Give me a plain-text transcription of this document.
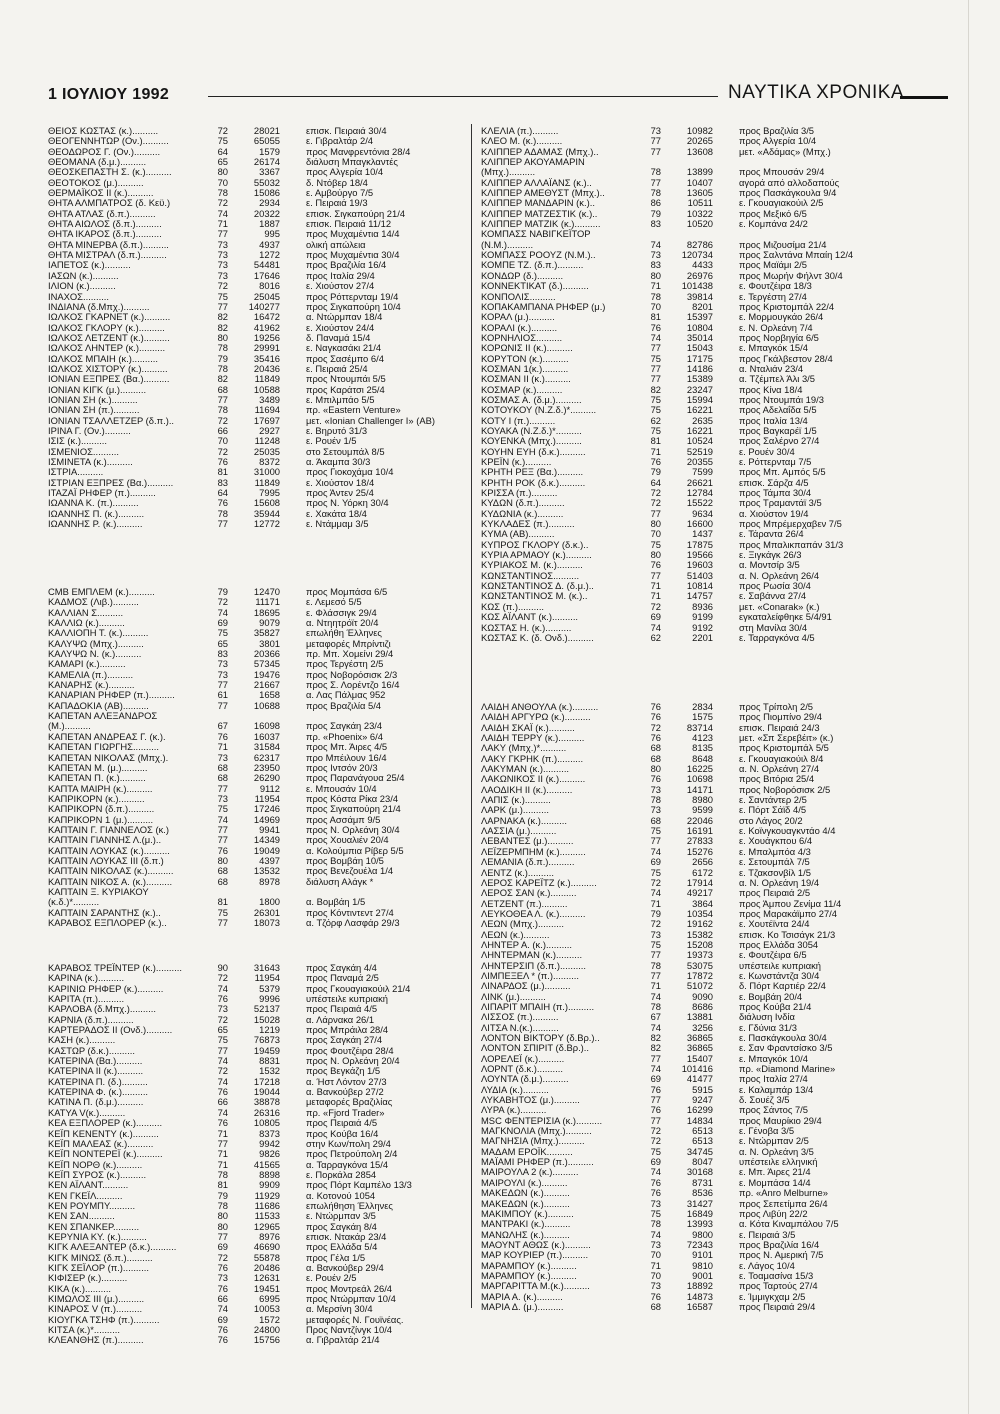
1 ΙΟΥΛΙΟΥ 1992	ΝΑΥΤΙΚΑ ΧΡΟΝΙΚΑ
ΘΕΙΟΣ ΚΩΣΤΑΣ (κ.)..........	72	28021	επισκ. Πειραιά 30/4
ΘΕΟΓΕΝΝΗΤΩΡ (Ον.)..........	75	65055	ε. Γιβραλτάρ 2/4
ΘΕΟΔΩΡΟΣ Γ. (Ον.)..........	64	1579	προς Μανφρεντόνια 28/4
ΘΕΟΜΑΝΑ (δ.μ.)..........	65	26174	διάλυση Μπαγκλαντές
ΘΕΟΣΚΕΠΑΣΤΗ Σ. (κ.)..........	80	3367	προς Αλγερία 10/4
ΘΕΟΤΟΚΟΣ (μ.)..........	70	55032	δ. Ντόβερ 18/4
ΘΕΡΜΑΪΚΟΣ ΙΙ (κ.)..........	78	15086	ε. Αμβούργο 7/5
ΘΗΤΑ ΑΛΜΠΑΤΡΟΣ (δ. Κεϋ.)	72	2934	ε. Πειραιά 19/3
ΘΗΤΑ ΑΤΛΑΣ (δ.π.)..........	74	20322	επισκ. Σιγκαπούρη 21/4
ΘΗΤΑ ΑΙΩΛΟΣ (δ.π.)..........	71	1887	επισκ. Πειραιά 11/12
ΘΗΤΑ ΙΚΑΡΟΣ (δ.π.)..........	77	995	προς Μυχαμέντια 14/4
ΘΗΤΑ ΜΙΝΕΡΒΑ (δ.π.)..........	73	4937	ολική απώλεια
ΘΗΤΑ ΜΙΣΤΡΑΛ (δ.π.)..........	73	1272	προς Μυχαμέντια 30/4
ΙΑΠΕΤΟΣ (κ.)..........	73	54481	προς Βραζιλία 16/4
ΙΑΣΩΝ (κ.)..........	73	17646	προς Ιταλία 29/4
ΙΛΙΟΝ (κ.)..........	72	8016	ε. Χιούστον 27/4
ΙΝΑΧΟΣ..........	75	25045	προς Ρόττερνταμ 19/4
ΙΝΔΙΑΝΑ (δ.Μπχ.)..........	77	140277	προς Σιγκαπούρη 10/4
ΙΩΛΚΟΣ ΓΚΑΡΝΕΤ (κ.)..........	82	16472	α. Ντώρμπαν 18/4
ΙΩΛΚΟΣ ΓΚΛΟΡΥ (κ.)..........	82	41962	ε. Χιούστον 24/4
ΙΩΛΚΟΣ ΛΕΤΖΕΝΤ (κ.)..........	80	19256	δ. Παναμά 15/4
ΙΩΛΚΟΣ ΛΗΝΤΕΡ (κ.)..........	78	29991	ε. Ναγκασάκι 21/4
ΙΩΛΚΟΣ ΜΠΑΙΗ (κ.)..........	79	35416	προς Σασέμπο 6/4
ΙΩΛΚΟΣ ΧΙΣΤΟΡΥ (κ.)..........	78	20436	ε. Πειραιά 25/4
ΙΟΝΙΑΝ ΕΞΠΡΕΣ (Βα.)..........	82	11849	προς Ντουμπάι 5/5
ΙΟΝΙΑΝ ΚΙΓΚ (μ.)..........	68	10588	προς Καράτσι 25/4
ΙΟΝΙΑΝ ΣΗ (κ.)..........	77	3489	ε. Μπιλμπάο 5/5
ΙΟΝΙΑΝ ΣΗ (π.)..........	78	11694	πρ. «Eastern Venture»
ΙΟΝΙΑΝ ΤΣΑΛΛΕΤΖΕΡ (δ.π.)..	72	17697	μετ. «Ionian Challenger I» (ΑΒ)
ΙΡΙΝΑ Γ. (Ον.)..........	66	2927	ε. Βηρυτό 31/3
ΙΣΙΣ (κ.)..........	70	11248	ε. Ρουέν 1/5
ΙΣΜΕΝΙΟΣ..........	72	25035	στο Σετουμπάλ 8/5
ΙΣΜΙΝΕΤΑ (κ.)..........	76	8372	α. Άκαμπα 30/3
ΙΣΤΡΙΑ..........	81	31000	προς Γιοκοχάμα 10/4
ΙΣΤΡΙΑΝ ΕΞΠΡΕΣ (Βα.)..........	83	11849	ε. Χιούστον 18/4
ΙΤΑΖΑΪ ΡΗΦΕΡ (π.)..........	64	7995	προς Άντεν 25/4
ΙΩΑΝΝΑ Κ. (π.)..........	76	15608	προς Ν. Υόρκη 30/4
ΙΩΑΝΝΗΣ Π. (κ.)..........	78	35944	ε. Χακάτα 18/4
ΙΩΑΝΝΗΣ Ρ. (κ.)..........	77	12772	ε. Ντάμμαμ 3/5
CMB ΕΜΠΛΕΜ (κ.)..........	79	12470	προς Μομπάσα 6/5
ΚΑΔΜΟΣ (Λιβ.)..........	72	11171	ε. Λεμεσό 5/5
ΚΑΛΛΙΑΝ Σ..........	74	18695	ε. Φλάσσιγκ 29/4
ΚΑΛΛΙΩ (κ.)..........	69	9079	α. Ντηητρόϊτ 20/4
ΚΑΛΛΙΟΠΗ Τ. (κ.)..........	75	35827	επωλήθη Έλληνες
ΚΑΛΥΨΩ (Μπχ.)..........	65	3801	μεταφορές Μπρίντιζι
ΚΑΛΥΨΩ Ν. (κ.)..........	83	20366	πρ. Μπ. Χομείνι 29/4
ΚΑΜΑΡΙ (κ.)..........	73	57345	προς Τεργέστη 2/5
ΚΑΜΕΛΙΑ (π.)..........	73	19476	προς Νοβορόσισκ 2/3
ΚΑΝΑΡΗΣ (κ.)..........	77	21667	προς Σ. Λορέντζο 16/4
ΚΑΝΑΡΙΑΝ ΡΗΦΕΡ (π.)..........	61	1658	α. Λας Πάλμας 952
ΚΑΠΑΔΟΚΙΑ (ΑΒ)..........	77	10688	προς Βραζιλία 5/4
ΚΑΠΕΤΑΝ ΑΛΕΞΑΝΔΡΟΣ
(Μ.)..........	67	16098	προς Σαγκάη 23/4
ΚΑΠΕΤΑΝ ΑΝΔΡΕΑΣ Γ. (κ.).	76	16037	πρ. «Phoenix» 6/4
ΚΑΠΕΤΑΝ ΓΙΩΡΓΗΣ..........	71	31584	προς Μπ. Άιρες 4/5
ΚΑΠΕΤΑΝ ΝΙΚΟΛΑΣ (Μπχ.).	73	62317	προ Μπέιλουν 16/4
ΚΑΠΕΤΑΝ Μ. (μ.)..........	68	23950	προς Ιντσόν 20/3
ΚΑΠΕΤΑΝ Π. (κ.)..........	68	26290	προς Παρανάγουα 25/4
ΚΑΠΤΑ ΜΑΙΡΗ (κ.)..........	77	9112	ε. Μπουσάν 10/4
ΚΑΠΡΙΚΟΡΝ (κ.)..........	73	11954	προς Κόστα Ρίκα 23/4
ΚΑΠΡΙΚΟΡΝ (δ.π.)..........	75	17246	προς Σιγκαπούρη 21/4
ΚΑΠΡΙΚΟΡΝ 1 (μ.)..........	74	14969	προς Ασσάμπ 9/5
ΚΑΠΤΑΙΝ Γ. ΓΙΑΝΝΕΛΟΣ (κ.)	77	9941	προς Ν. Ορλεάνη 30/4
ΚΑΠΤΑΙΝ ΓΙΑΝΝΗΣ Λ.(μ.)..	77	14349	προς Χουαλιέν 20/4
ΚΑΠΤΑΙΝ ΛΟΥΚΑΣ (κ.)..........	76	19049	α. Κολούμπια Ρίβερ 5/5
ΚΑΠΤΑΙΝ ΛΟΥΚΑΣ ΙΙΙ (δ.π.)	80	4397	προς Βομβάη 10/5
ΚΑΠΤΑΙΝ ΝΙΚΟΛΑΣ (κ.)..........	68	13532	προς Βενεζουέλα 1/4
ΚΑΠΤΑΙΝ ΝΙΚΟΣ Α. (κ.)..........	68	8978	διάλυση Αλάγκ *
ΚΑΠΤΑΙΝ Ξ. ΚΥΡΙΑΚΟΥ
(κ.δ.)*..........	81	1800	α. Βομβάη 1/5
ΚΑΠΤΑΙΝ ΣΑΡΑΝΤΗΣ (κ.)..	75	26301	προς Κόντιντεντ 27/4
ΚΑΡΑΒΟΣ ΕΞΠΛΟΡΕΡ (κ.)..	77	18073	α. Τζόρφ Λασφάρ 29/3
ΚΑΡΑΒΟΣ ΤΡΕΪΝΤΕΡ (κ.)..........	90	31643	προς Σαγκάη 4/4
ΚΑΡΙΝΑ (κ.)..........	72	11954	προς Παναμά 2/5
ΚΑΡΙΝΙΩ ΡΗΦΕΡ (κ.)..........	74	5379	προς Γκουαγιακούιλ 21/4
ΚΑΡΙΤΑ (π.)..........	76	9996	υπέστειλε κυπριακή
ΚΑΡΛΟΒΑ (δ.Μπχ.)..........	73	52137	προς Πειραιά 4/5
ΚΑΡΝΙΑ (δ.π.)..........	72	15028	α. Λάρνακα 26/1
ΚΑΡΤΕΡΑΔΟΣ ΙΙ (Ονδ.)..........	65	1219	προς Μπράιλα 28/4
ΚΑΣΗ (κ.)..........	75	76873	προς Σαγκάη 27/4
ΚΑΣΤΩΡ (δ.κ.)..........	77	19459	προς Φουτζέιρα 28/4
ΚΑΤΕΡΙΝΑ (Βα.)..........	74	8831	προς Ν. Ορλεάνη 20/4
ΚΑΤΕΡΙΝΑ ΙΙ (κ.)..........	72	1532	προς Βεγκάζη 1/5
ΚΑΤΕΡΙΝΑ Π. (δ.)..........	74	17218	α. Ήστ Λόντον 27/3
ΚΑΤΕΡΙΝΑ Φ. (κ.)..........	76	19044	α. Βανκούβερ 27/2
ΚΑΤΙΝΑ Π. (δ.μ.)..........	66	38878	μεταφορές Βραζιλίας
ΚΑΤΥΑ V(κ.)..........	74	26316	πρ. «Fjord Trader»
ΚΕΑ ΕΞΠΛΟΡΕΡ (κ.)..........	76	10805	προς Πειραιά 4/5
ΚΕΪΠ ΚΕΝΕΝΤΥ (κ.)..........	71	8373	προς Κούβα 16/4
ΚΕΪΠ ΜΑΛΕΑΣ (κ.)..........	77	9942	στην Κων/πολη 29/4
ΚΕΪΠ ΝΟΝΤΕΡΕΪ (κ.)..........	71	9826	προς Πετρούπολη 2/4
ΚΕΪΠ ΝΟΡΘ (κ.)..........	71	41565	α. Ταρραγκόνα 15/4
ΚΕΪΠ ΣΥΡΟΣ (κ.)..........	78	8898	ε. Πορκάλα 2854
ΚΕΝ ΑΪΛΑΝΤ..........	81	9909	προς Πόρτ Καμπέλο 13/3
ΚΕΝ ΓΚΕΪΛ..........	79	11929	α. Κοτονού 1054
ΚΕΝ ΡΟΥΜΠΥ..........	78	11686	επωλήθηση Έλληνες
ΚΕΝ ΣΑΝ..........	80	11533	ε. Ντώρμπαν 3/5
ΚΕΝ ΣΠΑΝΚΕΡ..........	80	12965	προς Σαγκάη 8/4
ΚΕΡΥΝΙΑ ΚΥ. (κ.)..........	77	8976	επισκ. Ντακάρ 23/4
ΚΙΓΚ ΑΛΕΞΑΝΤΕΡ (δ.κ.)..........	69	46690	προς Ελλάδα 5/4
ΚΙΓΚ ΜΙΝΩΣ (δ.π.)..........	72	55878	προς Γέλα 1/5
ΚΙΓΚ ΣΕΪΛΟΡ (π.)..........	76	20486	α. Βανκούβερ 29/4
ΚΙΦΙΣΕΡ (κ.)..........	73	12631	ε. Ρουέν 2/5
ΚΙΚΑ (κ.)..........	76	19451	προς Μοντρεάλ 26/4
ΚΙΜΩΛΟΣ ΙΙΙ (μ.)..........	66	6995	προς Ντώρμπαν 10/4
ΚΙΝΑΡΟΣ V (π.)..........	74	10053	α. Μερσίνη 30/4
ΚΙΟΥΓΚΑ ΤΣΗΦ (π.)..........	69	1572	μεταφορές Ν. Γουϊνέας.
ΚΙΤΣΑ (κ.)*..........	76	24800	Προς Ναντζίνγκ 10/4
ΚΛΕΑΝΘΗΣ (π.)..........	76	15756	α. Γιβραλτάρ 21/4
ΚΛΕΛΙΑ (π.)..........	73	10982	προς Βραζιλία 3/5
ΚΛΕΟ Μ. (κ.)..........	77	20265	προς Αλγερία 10/4
ΚΛΙΠΠΕΡ ΑΔΑΜΑΣ (Μπχ.)..	77	13608	μετ. «Αδάμας» (Μπχ.)
ΚΛΙΠΠΕΡ ΑΚΟΥΑΜΑΡΙΝ
(Μπχ.)..........	78	13899	προς Μπουσάν 29/4
ΚΛΙΠΠΕΡ ΑΛΛΑΪΑΝΣ (κ.)..	77	10407	αγορά από αλλοδαπούς
ΚΛΙΠΠΕΡ ΑΜΕΘΥΣΤ (Μπχ.)..	78	13605	προς Πασκάγκουλα 9/4
ΚΛΙΠΠΕΡ ΜΑΝΔΑΡΙΝ (κ.)..	86	10511	ε. Γκουαγιακούιλ 2/5
ΚΛΙΠΠΕΡ ΜΑΤΖΕΣΤΙΚ (κ.)..	79	10322	προς Μεξικό 6/5
ΚΛΙΠΠΕΡ ΜΑΤΖΙΚ (κ.)..........	83	10520	ε. Κομπάνα 24/2
ΚΟΜΠΑΣΣ ΝΑΒΙΓΚΕΪΤΟΡ
(Ν.Μ.)..........	74	82786	προς Μιζουσίμα 21/4
ΚΟΜΠΑΣΣ ΡΟΟΥΖ (Ν.Μ.)..	73	120734	προς Σαλντάνα Μπαίη 12/4
ΚΟΜΠΕ ΤΖ. (δ.π.)..........	83	4433	προς Μαϊάμι 2/5
ΚΟΝΔΩΡ (δ.)..........	80	26976	προς Μωρήν Φήλντ 30/4
ΚΟΝΝΕΚΤΙΚΑΤ (δ.)..........	71	101438	ε. Φουτζέιρα 18/3
ΚΟΝΠΟΛΙΣ..........	78	39814	ε. Τεργέστη 27/4
ΚΟΠΑΚΑΜΠΑΝΑ ΡΗΦΕΡ (μ.)	70	8201	προς Κριστομπάλ 22/4
ΚΟΡΑΛ (μ.)..........	81	15397	ε. Μορμουγκάο 26/4
ΚΟΡΑΛΙ (κ.)..........	76	10804	ε. Ν. Ορλεάνη 7/4
ΚΟΡΝΗΛΙΟΣ..........	74	35014	προς Νορβηγία 6/5
ΚΟΡΩΝΙΣ ΙΙ (κ.)..........	77	15043	ε. Μπαγκόκ 15/4
ΚΟΡΥΤΟΝ (κ.)..........	75	17175	προς Γκάλβεστον 28/4
ΚΟΣΜΑΝ 1(κ.)..........	77	14186	α. Νταλιάν 23/4
ΚΟΣΜΑΝ ΙΙ (κ.)..........	77	15389	α. Τζέμπελ Άλι 3/5
ΚΟΣΜΑΡ (κ.)..........	82	23247	προς Κίνα 18/4
ΚΟΣΜΑΣ Α. (δ.μ.)..........	75	15994	προς Ντουμπάι 19/3
ΚΟΤΟΥΚΟΥ (Ν.Ζ.δ.)*..........	75	16221	προς Αδελαΐδα 5/5
ΚΟΤΥ Ι (π.)..........	62	2635	προς Ιταλία 13/4
ΚΟΥΑΚΑ (Ν.Ζ.δ.)*..........	75	16221	προς Βαγκαρέϊ 1/5
ΚΟΥΕΝΚΑ (Μπχ.)..........	81	10524	προς Σαλέρνο 27/4
ΚΟΥΗΝ ΕΥΗ (δ.κ.)..........	71	52519	ε. Ρουέν 30/4
ΚΡΕΪΝ (κ.)..........	76	20355	ε. Ρόττερνταμ 7/5
ΚΡΗΤΗ ΡΕΞ (Βα.)..........	79	7599	προς Μπ. Αμπός 5/5
ΚΡΗΤΗ ΡΟΚ (δ.κ.)..........	64	26621	επισκ. Σάρζα 4/5
ΚΡΙΣΣΑ (π.)..........	72	12784	προς Τάμπα 30/4
ΚΥΔΩΝ (δ.π.)..........	72	15522	προς Τραμαντάϊ 3/5
ΚΥΔΩΝΙΑ (κ.)..........	77	9634	α. Χιούστον 19/4
ΚΥΚΛΑΔΕΣ (π.)..........	80	16600	προς Μπρέμερχαβεν 7/5
ΚΥΜΑ (ΑΒ)..........	70	1437	ε. Τάραντα 26/4
ΚΥΠΡΟΣ ΓΚΛΟΡΥ (δ.κ.)..	75	17875	προς Μπαλικπαπάν 31/3
ΚΥΡΙΑ ΑΡΜΑΟΥ (κ.)..........	80	19566	ε. Ξιγκάγκ 26/3
ΚΥΡΙΑΚΟΣ Μ. (κ.)..........	76	19603	α. Μοντσίρ 3/5
ΚΩΝΣΤΑΝΤΙΝΟΣ..........	77	51403	α. Ν. Ορλεάνη 26/4
ΚΩΝΣΤΑΝΤΙΝΟΣ Δ. (δ.μ.)..	71	10814	προς Ρωσία 30/4
ΚΩΝΣΤΑΝΤΙΝΟΣ Μ. (κ.)..	71	14757	ε. Σαβάννα 27/4
ΚΩΣ (π.)..........	72	8936	μετ. «Conarak» (κ.)
ΚΩΣ ΑΪΛΑΝΤ (κ.)..........	69	9199	εγκαταλείφθηκε 5/4/91
ΚΩΣΤΑΣ Η. (κ.)..........	74	9192	στη Μανίλα 30/4
ΚΩΣΤΑΣ Κ. (δ. Ονδ.)..........	62	2201	ε. Ταρραγκόνα 4/5
ΛΑΙΔΗ ΑΝΘΟΥΛΑ (κ.)..........	76	2834	προς Τρίπολη 2/5
ΛΑΙΔΗ ΑΡΓΥΡΩ (κ.)..........	76	1575	προς Πιομπίνο 29/4
ΛΑΙΔΗ ΣΚΑΪ (κ.)..........	72	83714	επισκ. Πειραιά 24/3
ΛΑΙΔΗ ΤΕΡΡΥ (κ.)..........	76	4123	μετ. «Σπ Σερεβέιτ» (κ.)
ΛΑΚΥ (Μπχ.)*..........	68	8135	προς Κριστομπάλ 5/5
ΛΑΚΥ ΓΚΡΗΚ (π.)..........	68	8648	ε. Γκουαγιακούιλ 8/4
ΛΑΚΥΜΑΝ (κ.)..........	80	16225	α. Ν. Ορλεάνη 27/4
ΛΑΚΩΝΙΚΟΣ ΙΙ (κ.)..........	76	10698	προς Βιτόρια 25/4
ΛΑΟΔΙΚΗ ΙΙ (κ.)..........	73	14171	προς Νοβορόσισκ 2/5
ΛΑΠΙΣ (κ.)..........	78	8980	ε. Σαντάντερ 2/5
ΛΑΡΚ (μ.)..........	73	9599	ε. Πόρτ Σάϊδ 4/5
ΛΑΡΝΑΚΑ (κ.)..........	68	22046	στο Λάγος 20/2
ΛΑΣΣΙΑ (μ.)..........	75	16191	ε. Κοϊνγκουαγκντάο 4/4
ΛΕΒΑΝΤΕΣ (μ.)..........	77	27833	ε. Χουάγκπου 6/4
ΛΕΪΖΕΡΜΠΗΜ (κ.)..........	74	15276	ε. Μπαλμπόα 4/3
ΛΕΜΑΝΙΑ (δ.π.)..........	69	2656	ε. Σετουμπάλ 7/5
ΛΕΝΤΖ (κ.)..........	75	6172	ε. Τζακσονβίλ 1/5
ΛΕΡΟΣ ΚΑΡΕΪΤΖ (κ.)..........	72	17914	α. Ν. Ορλεάνη 19/4
ΛΕΡΟΣ ΣΑΝ (κ.)..........	74	49217	προς Πειραιά 2/5
ΛΕΤΖΕΝΤ (π.)..........	71	3864	προς Άμπου Ζενίμα 11/4
ΛΕΥΚΟΘΕΑ Λ. (κ.)..........	79	10354	προς Μαρακάϊμπο 27/4
ΛΕΩΝ (Μπχ.)..........	72	19162	ε. Χουτέϊντα 24/4
ΛΕΩΝ (κ.)..........	73	15382	επισκ. Κο Τσισάγκ 21/3
ΛΗΝΤΕΡ Α. (κ.)..........	75	15208	προς Ελλάδα 3054
ΛΗΝΤΕΡΜΑΝ (κ.)..........	77	19373	ε. Φουτζέιρα 6/5
ΛΗΝΤΕΡΣΙΠ (δ.π.)..........	78	53075	υπέστειλε κυπριακή
ΛΙΜΠΕΞΕΛ * (π.)..........	77	17872	ε. Κωνστάντζα 30/4
ΛΙΝΑΡΔΟΣ (μ.)..........	71	51072	δ. Πόρτ Καρτιέρ 22/4
ΛΙΝΚ (μ.)..........	74	9090	ε. Βομβάη 20/4
ΛΙΠΑΡΙΤ ΜΠΑΙΗ (π.)..........	78	8686	προς Κούβα 21/4
ΛΙΣΣΟΣ (π.)..........	67	13881	διάλυση Ινδία
ΛΙΤΣΑ Ν.(κ.)..........	74	3256	ε. Γδύνια 31/3
ΛΟΝΤΟΝ ΒΙΚΤΟΡΥ (δ.Βρ.)..	82	36865	ε. Πασκάγκουλα 30/4
ΛΟΝΤΟΝ ΣΠΙΡΙΤ (δ.Βρ.)..	82	36865	ε. Σαν Φραντσίσκο 3/5
ΛΟΡΕΛΕΪ (κ.)..........	77	15407	ε. Μπαγκόκ 10/4
ΛΟΡΝΤ (δ.κ.)..........	74	101416	πρ. «Diamond Marine»
ΛΟΥΝΤΑ (δ.μ.)..........	69	41477	προς Ιταλία 27/4
ΛΥΔΙΑ (κ.)..........	76	5915	ε. Καλαμπάρ 13/4
ΛΥΚΑΒΗΤΟΣ (μ.)..........	77	9247	δ. Σουέζ 3/5
ΛΥΡΑ (κ.)..........	76	16299	προς Σάντος 7/5
MSC ΦΕΝΤΕΡΙΣΙΑ (κ.)..........	77	14834	προς Μαυρίκιο 29/4
ΜΑΓΚΝΟΛΙΑ (Μπχ.)..........	72	6513	ε. Γένοβα 3/5
ΜΑΓΝΗΣΙΑ (Μπχ.)..........	72	6513	ε. Ντώρμπαν 2/5
ΜΑΔΑΜ ΕΡΟΪΚ..........	75	34745	α. Ν. Ορλεάνη 3/5
ΜΑΪΑΜΙ ΡΗΦΕΡ (π.)..........	69	8047	υπέστειλε ελληνική
ΜΑΙΡΟΥΛΑ 2 (κ.)..........	74	30168	ε. Μπ. Άιρες 21/4
ΜΑΙΡΟΥΛΙ (κ.)..........	76	8731	ε. Μομπάσα 14/4
ΜΑΚΕΔΩΝ (κ.)..........	76	8536	πρ. «Anro Melburne»
ΜΑΚΕΔΩΝ (κ.)..........	73	31427	προς Σεπετίμπα 26/4
ΜΑΚΙΜΠΟΥ (κ.)..........	75	16849	προς Λιβύη 22/2
ΜΑΝΤΡΑΚΙ (κ.)..........	78	13993	α. Κότα Κιναμπάλου 7/5
ΜΑΝΩΛΗΣ (κ.)..........	74	9800	ε. Πειραιά 3/5
ΜΑΟΥΝΤ ΑΘΩΣ (κ.)..........	73	72343	προς Βραζιλία 16/4
ΜΑΡ ΚΟΥΡΙΕΡ (π.)..........	70	9101	προς Ν. Αμερική 7/5
ΜΑΡΑΜΠΟΥ (κ.)..........	71	9810	ε. Λάγος 10/4
ΜΑΡΑΜΠΟΥ (κ.)..........	70	9001	ε. Τοαμασίνα 15/3
ΜΑΡΓΑΡΙΤΤΑ Μ.(κ.)..........	73	18892	προς Ταρτούς 27/4
ΜΑΡΙΑ Α. (κ.)..........	76	14873	ε. Ίμμιγκχαμ 2/5
ΜΑΡΙΑ Δ. (μ.)..........	68	16587	προς Πειραιά 29/4
